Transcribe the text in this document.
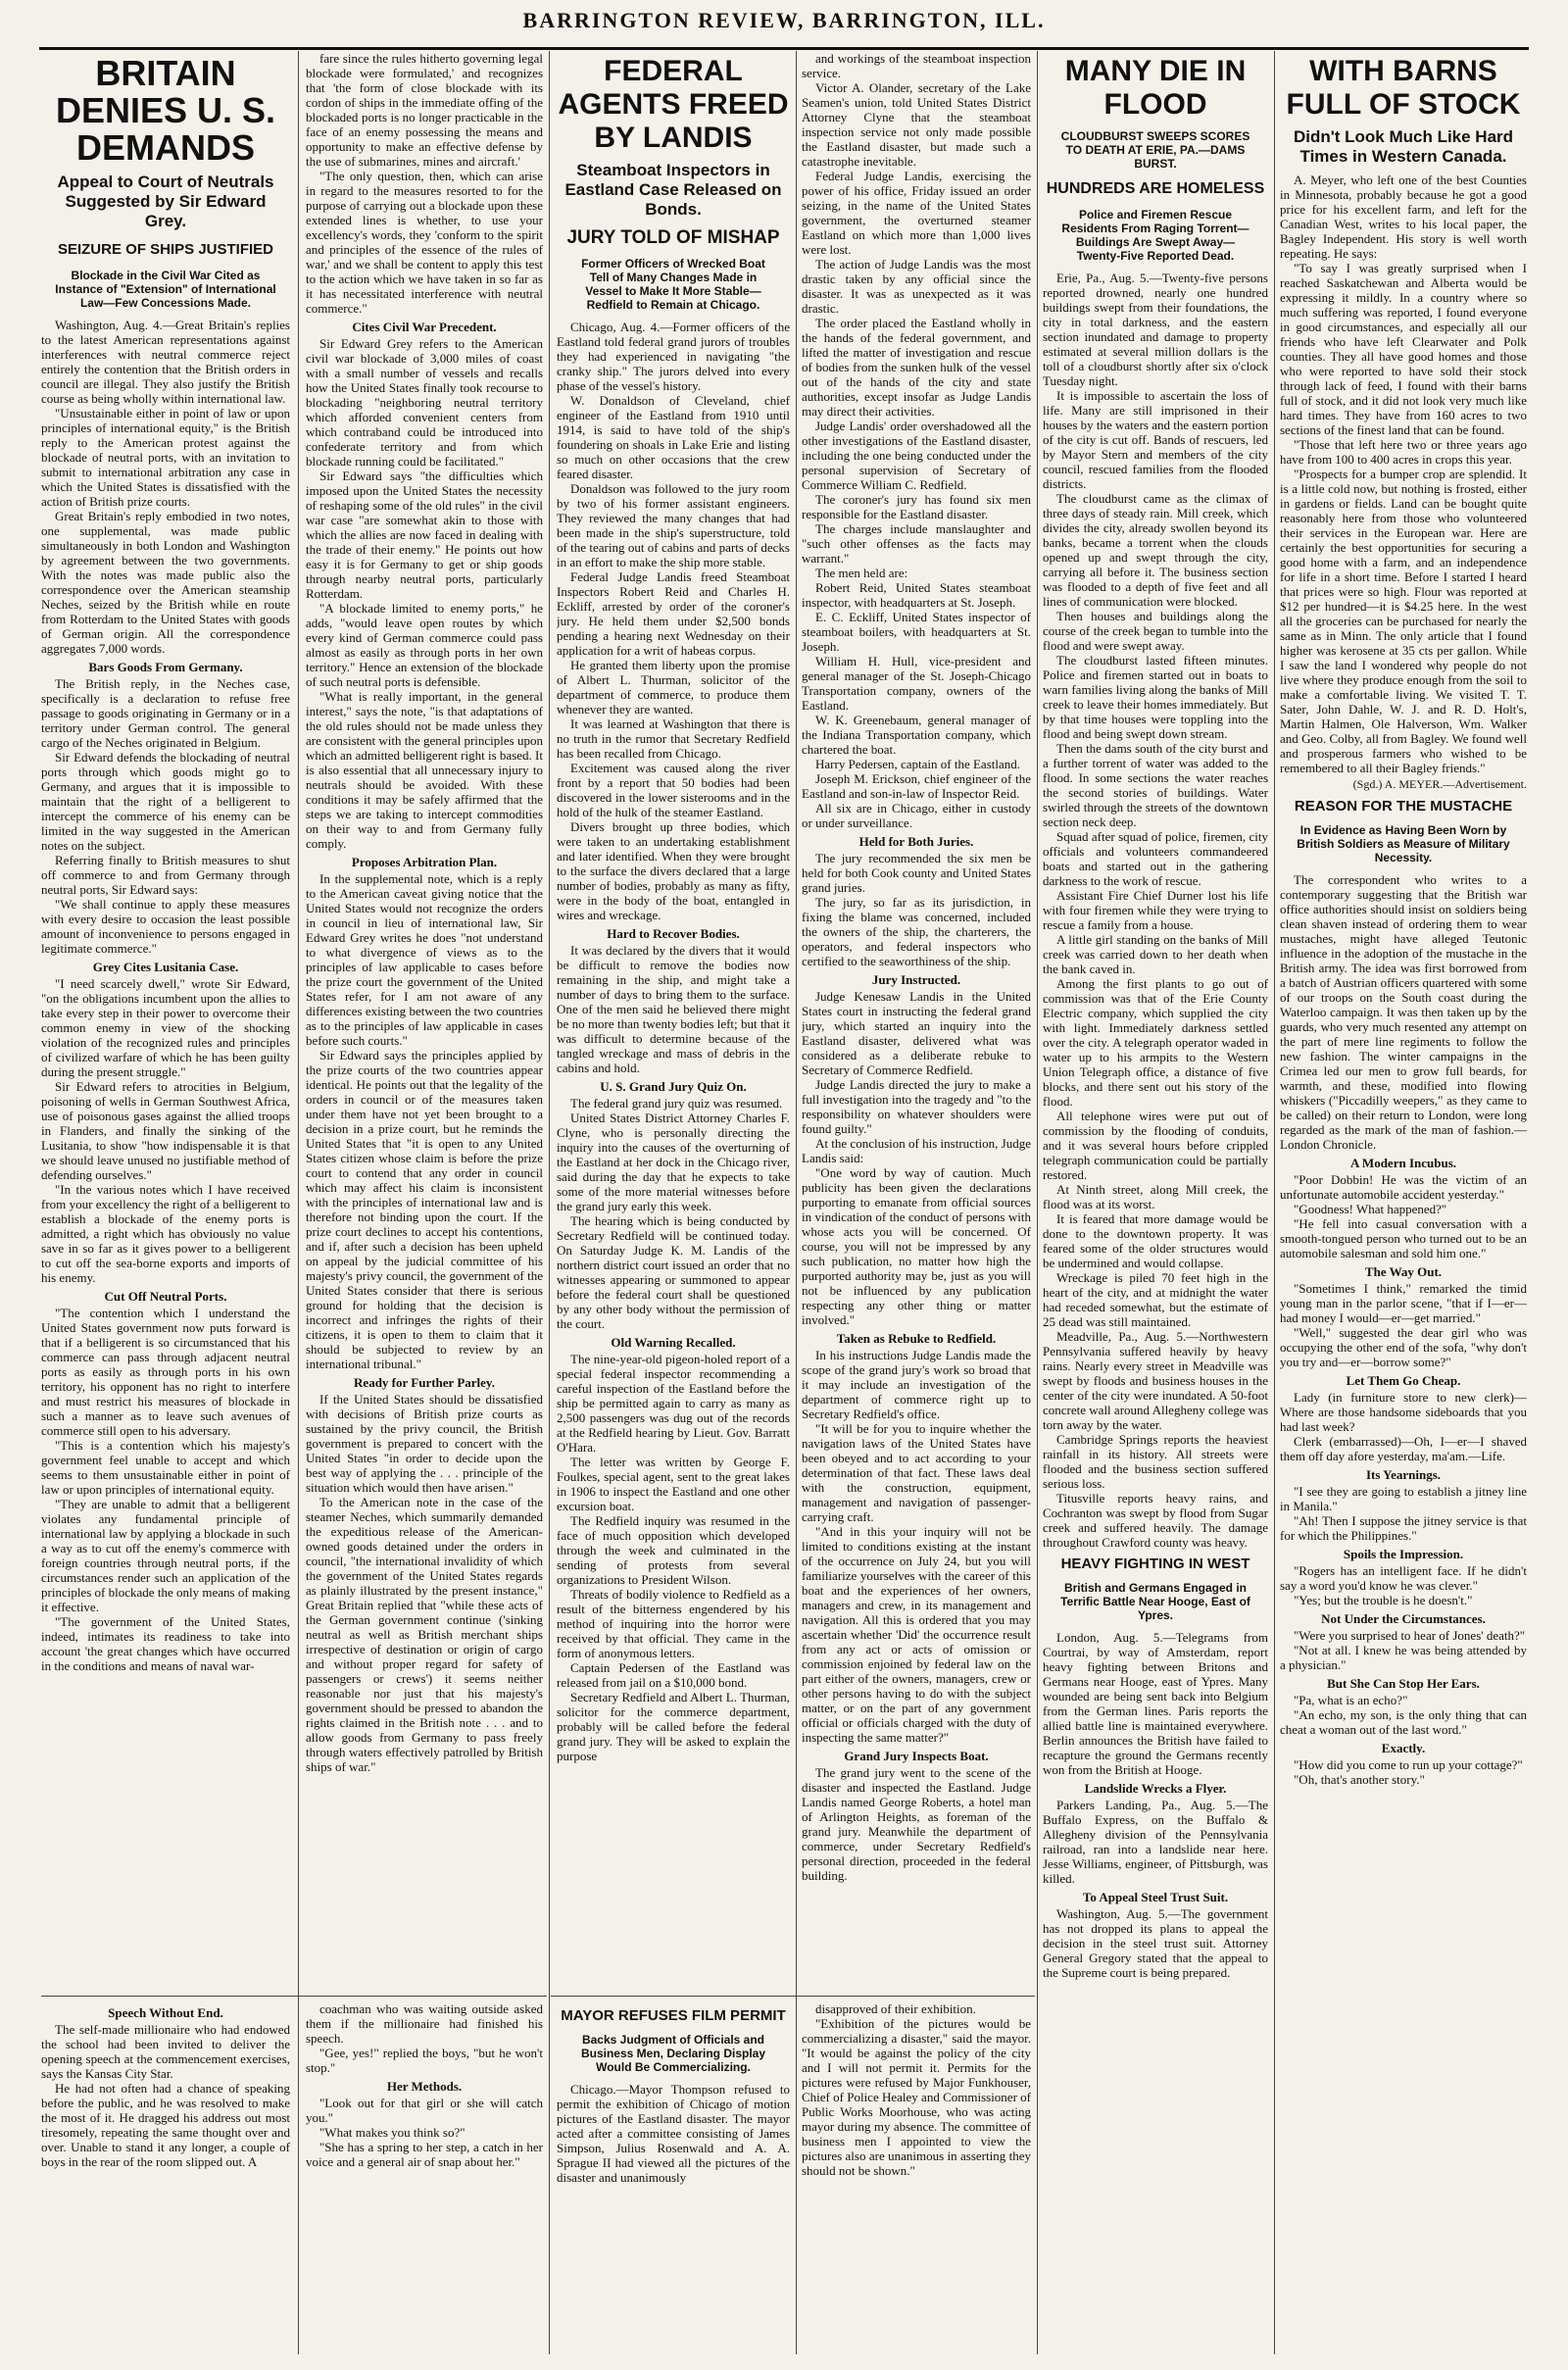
BARRINGTON REVIEW, BARRINGTON, ILL.
BRITAIN DENIES U. S. DEMANDS
Appeal to Court of Neutrals Suggested by Sir Edward Grey.
SEIZURE OF SHIPS JUSTIFIED
Blockade in the Civil War Cited as Instance of "Extension" of International Law—Few Concessions Made.

Washington, Aug. 4.—Great Britain's replies to the latest American representations against interferences with neutral commerce reject entirely the contention that the British orders in council are illegal. They also justify the British course as being wholly within international law.

"Unsustainable either in point of law or upon principles of international equity," is the British reply to the American protest against the blockade of neutral ports, with an invitation to submit to international arbitration any case in which the United States is dissatisfied with the action of British prize courts.

Great Britain's reply embodied in two notes, one supplemental, was made public simultaneously in both London and Washington by agreement between the two governments. With the notes was made public also the correspondence over the American steamship Neches, seized by the British while en route from Rotterdam to the United States with goods of German origin. All the correspondence aggregates 7,000 words.

Bars Goods From Germany.

The British reply, in the Neches case, specifically is a declaration to refuse free passage to goods originating in Germany or in a territory under German control. The general cargo of the Neches originated in Belgium.

Sir Edward defends the blockading of neutral ports through which goods might go to Germany, and argues that it is impossible to maintain that the right of a belligerent to intercept the commerce of his enemy can be limited in the way suggested in the American notes on the subject.

Referring finally to British measures to shut off commerce to and from Germany through neutral ports, Sir Edward says:

"We shall continue to apply these measures with every desire to occasion the least possible amount of inconvenience to persons engaged in legitimate commerce."

Grey Cites Lusitania Case.

"I need scarcely dwell," wrote Sir Edward, "on the obligations incumbent upon the allies to take every step in their power to overcome their common enemy in view of the shocking violation of the recognized rules and principles of civilized warfare of which he has been guilty during the present struggle."

Sir Edward refers to atrocities in Belgium, poisoning of wells in German Southwest Africa, use of poisonous gases against the allied troops in Flanders, and finally the sinking of the Lusitania, to show "how indispensable it is that we should leave unused no justifiable method of defending ourselves."

"In the various notes which I have received from your excellency the right of a belligerent to establish a blockade of the enemy ports is admitted, a right which has obviously no value save in so far as it gives power to a belligerent to cut off the sea-borne exports and imports of his enemy.

Cut Off Neutral Ports.

"The contention which I understand the United States government now puts forward is that if a belligerent is so circumstanced that his commerce can pass through adjacent neutral ports as easily as through ports in his own territory, his opponent has no right to interfere and must restrict his measures of blockade in such a manner as to leave such avenues of commerce still open to his adversary.

"This is a contention which his majesty's government feel unable to accept and which seems to them unsustainable either in point of law or upon principles of international equity.

"They are unable to admit that a belligerent violates any fundamental principle of international law by applying a blockade in such a way as to cut off the enemy's commerce with foreign countries through neutral ports, if the circumstances render such an application of the principles of blockade the only means of making it effective.

"The government of the United States, indeed, intimates its readiness to take into account 'the great changes which have occurred in the conditions and means of naval war-

fare since the rules hitherto governing legal blockade were formulated,' and recognizes that 'the form of close blockade with its cordon of ships in the immediate offing of the blockaded ports is no longer practicable in the face of an enemy possessing the means and opportunity to make an effective defense by the use of submarines, mines and aircraft.'

"The only question, then, which can arise in regard to the measures resorted to for the purpose of carrying out a blockade upon these extended lines is whether, to use your excellency's words, they 'conform to the spirit and principles of the essence of the rules of war,' and we shall be content to apply this test to the action which we have taken in so far as it has necessitated interference with neutral commerce."

Cites Civil War Precedent.

Sir Edward Grey refers to the American civil war blockade of 3,000 miles of coast with a small number of vessels and recalls how the United States finally took recourse to blockading "neighboring neutral territory which afforded convenient centers from which contraband could be introduced into confederate territory and from which blockade running could be facilitated."

Sir Edward says "the difficulties which imposed upon the United States the necessity of reshaping some of the old rules" in the civil war case "are somewhat akin to those with which the allies are now faced in dealing with the trade of their enemy." He points out how easy it is for Germany to get or ship goods through nearby neutral ports, particularly Rotterdam.

"A blockade limited to enemy ports," he adds, "would leave open routes by which every kind of German commerce could pass almost as easily as through ports in her own territory." Hence an extension of the blockade of such neutral ports is defensible.

"What is really important, in the general interest," says the note, "is that adaptations of the old rules should not be made unless they are consistent with the general principles upon which an admitted belligerent right is based. It is also essential that all unnecessary injury to neutrals should be avoided. With these conditions it may be safely affirmed that the steps we are taking to intercept commodities on their way to and from Germany fully comply.

Proposes Arbitration Plan.

In the supplemental note, which is a reply to the American caveat giving notice that the United States would not recognize the orders in council in lieu of international law, Sir Edward Grey writes he does "not understand to what divergence of views as to the principles of law applicable to cases before the prize court the government of the United States refer, for I am not aware of any differences existing between the two countries as to the principles of law applicable in cases before such courts."

Sir Edward says the principles applied by the prize courts of the two countries appear identical. He points out that the legality of the orders in council or of the measures taken under them have not yet been brought to a decision in a prize court, but he reminds the United States that "it is open to any United States citizen whose claim is before the prize court to contend that any order in council which may affect his claim is inconsistent with the principles of international law and is therefore not binding upon the court. If the prize court declines to accept his contentions, and if, after such a decision has been upheld on appeal by the judicial committee of his majesty's privy council, the government of the United States consider that there is serious ground for holding that the decision is incorrect and infringes the rights of their citizens, it is open to them to claim that it should be subjected to review by an international tribunal."

Ready for Further Parley.

If the United States should be dissatisfied with decisions of British prize courts as sustained by the privy council, the British government is prepared to concert with the United States "in order to decide upon the best way of applying the . . . principle of the situation which would then have arisen."

To the American note in the case of the steamer Neches, which summarily demanded the expeditious release of the American-owned goods detained under the orders in council, "the international invalidity of which the government of the United States regards as plainly illustrated by the present instance," Great Britain replied that "while these acts of the German government continue ('sinking neutral as well as British merchant ships irrespective of destination or origin of cargo and without proper regard for safety of passengers or crews') it seems neither reasonable nor just that his majesty's government should be pressed to abandon the rights claimed in the British note . . . and to allow goods from Germany to pass freely through waters effectively patrolled by British ships of war."

FEDERAL AGENTS FREED BY LANDIS
Steamboat Inspectors in Eastland Case Released on Bonds.
JURY TOLD OF MISHAP
Former Officers of Wrecked Boat Tell of Many Changes Made in Vessel to Make It More Stable—Redfield to Remain at Chicago.

Chicago, Aug. 4.—Former officers of the Eastland told federal grand jurors of troubles they had experienced in navigating "the cranky ship." The jurors delved into every phase of the vessel's history.

W. Donaldson of Cleveland, chief engineer of the Eastland from 1910 until 1914, is said to have told of the ship's foundering on shoals in Lake Erie and listing so much on other occasions that the crew feared disaster.

Donaldson was followed to the jury room by two of his former assistant engineers. They reviewed the many changes that had been made in the ship's superstructure, told of the tearing out of cabins and parts of decks in an effort to make the ship more stable.

Federal Judge Landis freed Steamboat Inspectors Robert Reid and Charles H. Eckliff, arrested by order of the coroner's jury. He held them under $2,500 bonds pending a hearing next Wednesday on their application for a writ of habeas corpus.

He granted them liberty upon the promise of Albert L. Thurman, solicitor of the department of commerce, to produce them whenever they are wanted.

It was learned at Washington that there is no truth in the rumor that Secretary Redfield has been recalled from Chicago.

Excitement was caused along the river front by a report that 50 bodies had been discovered in the lower sisterooms and in the hold of the hulk of the steamer Eastland.

Divers brought up three bodies, which were taken to an undertaking establishment and later identified. When they were brought to the surface the divers declared that a large number of bodies, probably as many as fifty, were in the body of the boat, entangled in wires and wreckage.

Hard to Recover Bodies.

It was declared by the divers that it would be difficult to remove the bodies now remaining in the ship, and might take a number of days to bring them to the surface. One of the men said he believed there might be no more than twenty bodies left; but that it was difficult to determine because of the tangled wreckage and mass of debris in the cabins and hold.

U. S. Grand Jury Quiz On.

The federal grand jury quiz was resumed.

United States District Attorney Charles F. Clyne, who is personally directing the inquiry into the causes of the overturning of the Eastland at her dock in the Chicago river, said during the day that he expects to take some of the more material witnesses before the grand jury early this week.

The hearing which is being conducted by Secretary Redfield will be continued today. On Saturday Judge K. M. Landis of the northern district court issued an order that no witnesses appearing or summoned to appear before the federal court shall be questioned by any other body without the permission of the court.

Old Warning Recalled.

The nine-year-old pigeon-holed report of a special federal inspector recommending a careful inspection of the Eastland before the ship be permitted again to carry as many as 2,500 passengers was dug out of the records at the Redfield hearing by Lieut. Gov. Barratt O'Hara.

The letter was written by George F. Foulkes, special agent, sent to the great lakes in 1906 to inspect the Eastland and one other excursion boat.

The Redfield inquiry was resumed in the face of much opposition which developed through the week and culminated in the sending of protests from several organizations to President Wilson.

Threats of bodily violence to Redfield as a result of the bitterness engendered by his method of inquiring into the horror were received by that official. They came in the form of anonymous letters.

Captain Pedersen of the Eastland was released from jail on a $10,000 bond.

Secretary Redfield and Albert L. Thurman, solicitor for the commerce department, probably will be called before the federal grand jury. They will be asked to explain the purpose

and workings of the steamboat inspection service.

Victor A. Olander, secretary of the Lake Seamen's union, told United States District Attorney Clyne that the steamboat inspection service not only made possible the Eastland disaster, but made such a catastrophe inevitable.

Federal Judge Landis, exercising the power of his office, Friday issued an order seizing, in the name of the United States government, the overturned steamer Eastland on which more than 1,000 lives were lost.

The action of Judge Landis was the most drastic taken by any official since the disaster. It was as unexpected as it was drastic.

The order placed the Eastland wholly in the hands of the federal government, and lifted the matter of investigation and rescue of bodies from the sunken hulk of the vessel out of the hands of the city and state authorities, except insofar as Judge Landis may direct their activities.

Judge Landis' order overshadowed all the other investigations of the Eastland disaster, including the one being conducted under the personal supervision of Secretary of Commerce William C. Redfield.

The coroner's jury has found six men responsible for the Eastland disaster.

The charges include manslaughter and "such other offenses as the facts may warrant."

The men held are:

Robert Reid, United States steamboat inspector, with headquarters at St. Joseph.

E. C. Eckliff, United States inspector of steamboat boilers, with headquarters at St. Joseph.

William H. Hull, vice-president and general manager of the St. Joseph-Chicago Transportation company, owners of the Eastland.

W. K. Greenebaum, general manager of the Indiana Transportation company, which chartered the boat.

Harry Pedersen, captain of the Eastland.

Joseph M. Erickson, chief engineer of the Eastland and son-in-law of Inspector Reid.

All six are in Chicago, either in custody or under surveillance.

Held for Both Juries.

The jury recommended the six men be held for both Cook county and United States grand juries.

The jury, so far as its jurisdiction, in fixing the blame was concerned, included the owners of the ship, the charterers, the operators, and federal inspectors who certified to the seaworthiness of the ship.

Jury Instructed.

Judge Kenesaw Landis in the United States court in instructing the federal grand jury, which started an inquiry into the Eastland disaster, delivered what was considered as a deliberate rebuke to Secretary of Commerce Redfield.

Judge Landis directed the jury to make a full investigation into the tragedy and "to the responsibility on whatever shoulders were found guilty."

At the conclusion of his instruction, Judge Landis said:

"One word by way of caution. Much publicity has been given the declarations purporting to emanate from official sources in vindication of the conduct of persons with whose acts you will be concerned. Of course, you will not be impressed by any such publication, no matter how high the purported authority may be, just as you will not be influenced by any publication respecting any other thing or matter involved."

Taken as Rebuke to Redfield.

In his instructions Judge Landis made the scope of the grand jury's work so broad that it may include an investigation of the department of commerce right up to Secretary Redfield's office.

"It will be for you to inquire whether the navigation laws of the United States have been obeyed and to act according to your determination of that fact. These laws deal with the construction, equipment, management and navigation of passenger-carrying craft.

"And in this your inquiry will not be limited to conditions existing at the instant of the occurrence on July 24, but you will familiarize yourselves with the career of this boat and the experiences of her owners, managers and crew, in its management and navigation. All this is ordered that you may ascertain whether 'Did' the occurrence result from any act or acts of omission or commission enjoined by federal law on the part either of the owners, managers, crew or other persons having to do with the subject matter, or on the part of any government official or officials charged with the duty of inspecting the same matter?"

Grand Jury Inspects Boat.

The grand jury went to the scene of the disaster and inspected the Eastland. Judge Landis named George Roberts, a hotel man of Arlington Heights, as foreman of the grand jury. Meanwhile the department of commerce, under Secretary Redfield's personal direction, proceeded in the federal building.

MANY DIE IN FLOOD
CLOUDBURST SWEEPS SCORES TO DEATH AT ERIE, PA.—DAMS BURST.
HUNDREDS ARE HOMELESS
Police and Firemen Rescue Residents From Raging Torrent—Buildings Are Swept Away—Twenty-Five Reported Dead.

Erie, Pa., Aug. 5.—Twenty-five persons reported drowned, nearly one hundred buildings swept from their foundations, the city in total darkness, and the eastern section inundated and damage to property estimated at several million dollars is the toll of a cloudburst shortly after six o'clock Tuesday night.

It is impossible to ascertain the loss of life. Many are still imprisoned in their houses by the waters and the eastern portion of the city is cut off. Bands of rescuers, led by Mayor Stern and members of the city council, rescued families from the flooded districts.

The cloudburst came as the climax of three days of steady rain. Mill creek, which divides the city, already swollen beyond its banks, became a torrent when the clouds opened up and swept through the city, carrying all before it. The business section was flooded to a depth of five feet and all lines of communication were blocked.

Then houses and buildings along the course of the creek began to tumble into the flood and were swept away.

The cloudburst lasted fifteen minutes. Police and firemen started out in boats to warn families living along the banks of Mill creek to leave their homes immediately. But by that time houses were toppling into the flood and being swept down stream.

Then the dams south of the city burst and a further torrent of water was added to the flood. In some sections the water reaches the second stories of buildings. Water swirled through the streets of the downtown section neck deep.

Squad after squad of police, firemen, city officials and volunteers commandeered boats and started out in the gathering darkness to the work of rescue.

Assistant Fire Chief Durner lost his life with four firemen while they were trying to rescue a family from a house.

A little girl standing on the banks of Mill creek was carried down to her death when the bank caved in.

Among the first plants to go out of commission was that of the Erie County Electric company, which supplied the city with light. Immediately darkness settled over the city. A telegraph operator waded in water up to his armpits to the Western Union Telegraph office, a distance of five blocks, and there sent out his story of the flood.

All telephone wires were put out of commission by the flooding of conduits, and it was several hours before crippled telegraph communication could be partially restored.

At Ninth street, along Mill creek, the flood was at its worst.

It is feared that more damage would be done to the downtown property. It was feared some of the older structures would be undermined and would collapse.

Wreckage is piled 70 feet high in the heart of the city, and at midnight the water had receded somewhat, but the estimate of 25 dead was still maintained.

Meadville, Pa., Aug. 5.—Northwestern Pennsylvania suffered heavily by heavy rains. Nearly every street in Meadville was swept by floods and business houses in the center of the city were inundated. A 50-foot concrete wall around Allegheny college was torn away by the water.

Cambridge Springs reports the heaviest rainfall in its history. All streets were flooded and the business section suffered serious loss.

Titusville reports heavy rains, and Cochranton was swept by flood from Sugar creek and suffered heavily. The damage throughout Crawford county was heavy.

HEAVY FIGHTING IN WEST
British and Germans Engaged in Terrific Battle Near Hooge, East of Ypres.

London, Aug. 5.—Telegrams from Courtrai, by way of Amsterdam, report heavy fighting between Britons and Germans near Hooge, east of Ypres. Many wounded are being sent back into Belgium from the German lines. Paris reports the allied battle line is maintained everywhere. Berlin announces the British have failed to recapture the ground the Germans recently won from the British at Hooge.

Landslide Wrecks a Flyer.

Parkers Landing, Pa., Aug. 5.—The Buffalo Express, on the Buffalo & Allegheny division of the Pennsylvania railroad, ran into a landslide near here. Jesse Williams, engineer, of Pittsburgh, was killed.

To Appeal Steel Trust Suit.

Washington, Aug. 5.—The government has not dropped its plans to appeal the decision in the steel trust suit. Attorney General Gregory stated that the appeal to the Supreme court is being prepared.

WITH BARNS FULL OF STOCK
Didn't Look Much Like Hard Times in Western Canada.

A. Meyer, who left one of the best Counties in Minnesota, probably because he got a good price for his excellent farm, and left for the Canadian West, writes to his local paper, the Bagley Independent. His story is well worth repeating. He says:

"To say I was greatly surprised when I reached Saskatchewan and Alberta would be expressing it mildly. In a country where so much suffering was reported, I found everyone in good circumstances, and especially all our friends who have left Clearwater and Polk counties. They all have good homes and those who were reported to have sold their stock through lack of feed, I found with their barns full of stock, and it did not look very much like hard times. They have from 160 acres to two sections of the finest land that can be found.

"Those that left here two or three years ago have from 100 to 400 acres in crops this year.

"Prospects for a bumper crop are splendid. It is a little cold now, but nothing is frosted, either in gardens or fields. Land can be bought quite reasonably here from those who volunteered their services in the European war. Here are certainly the best opportunities for securing a good home with a farm, and an independence for life in a short time. Before I started I heard that prices were so high. Flour was reported at $12 per hundred—it is $4.25 here. In the west all the groceries can be purchased for nearly the same as in Minn. The only article that I found higher was kerosene at 35 cts per gallon. While I saw the land I wondered why people do not live where they produce enough from the soil to make a comfortable living. We visited T. T. Sater, John Dahle, W. J. and R. D. Holt's, Martin Halmen, Ole Halverson, Wm. Walker and Geo. Colby, all from Bagley. We found well and prosperous farmers who wished to be remembered to all their Bagley friends."

(Sgd.) A. MEYER.—Advertisement.
REASON FOR THE MUSTACHE
In Evidence as Having Been Worn by British Soldiers as Measure of Military Necessity.

The correspondent who writes to a contemporary suggesting that the British war office authorities should insist on soldiers being clean shaven instead of ordering them to wear mustaches, might have alleged Teutonic influence in the adoption of the mustache in the British army. The idea was first borrowed from a batch of Austrian officers quartered with some of our troops on the South coast during the Waterloo campaign. It was then taken up by the guards, who very much resented any attempt on the part of mere line regiments to follow the new fashion. The winter campaigns in the Crimea led our men to grow full beards, for warmth, and these, modified into flowing whiskers ("Piccadilly weepers," as they came to be called) on their return to London, were long regarded as the mark of the man of fashion.—London Chronicle.

A Modern Incubus.

"Poor Dobbin! He was the victim of an unfortunate automobile accident yesterday."

"Goodness! What happened?"

"He fell into casual conversation with a smooth-tongued person who turned out to be an automobile salesman and sold him one."

The Way Out.

"Sometimes I think," remarked the timid young man in the parlor scene, "that if I—er—had money I would—er—get married."

"Well," suggested the dear girl who was occupying the other end of the sofa, "why don't you try and—er—borrow some?"

Let Them Go Cheap.

Lady (in furniture store to new clerk)—Where are those handsome sideboards that you had last week?

Clerk (embarrassed)—Oh, I—er—I shaved them off day afore yesterday, ma'am.—Life.

Its Yearnings.

"I see they are going to establish a jitney line in Manila."

"Ah! Then I suppose the jitney service is that for which the Philippines."

Spoils the Impression.

"Rogers has an intelligent face. If he didn't say a word you'd know he was clever."

"Yes; but the trouble is he doesn't."

Not Under the Circumstances.

"Were you surprised to hear of Jones' death?"

"Not at all. I knew he was being attended by a physician."

But She Can Stop Her Ears.

"Pa, what is an echo?"

"An echo, my son, is the only thing that can cheat a woman out of the last word."

Exactly.

"How did you come to run up your cottage?"

"Oh, that's another story."

Speech Without End.

The self-made millionaire who had endowed the school had been invited to deliver the opening speech at the commencement exercises, says the Kansas City Star.

He had not often had a chance of speaking before the public, and he was resolved to make the most of it. He dragged his address out most tiresomely, repeating the same thought over and over. Unable to stand it any longer, a couple of boys in the rear of the room slipped out. A

coachman who was waiting outside asked them if the millionaire had finished his speech.

"Gee, yes!" replied the boys, "but he won't stop."

Her Methods.

"Look out for that girl or she will catch you."

"What makes you think so?"

"She has a spring to her step, a catch in her voice and a general air of snap about her."

MAYOR REFUSES FILM PERMIT
Backs Judgment of Officials and Business Men, Declaring Display Would Be Commercializing.

Chicago.—Mayor Thompson refused to permit the exhibition of Chicago of motion pictures of the Eastland disaster. The mayor acted after a committee consisting of James Simpson, Julius Rosenwald and A. A. Sprague II had viewed all the pictures of the disaster and unanimously

disapproved of their exhibition.

"Exhibition of the pictures would be commercializing a disaster," said the mayor. "It would be against the policy of the city and I will not permit it. Permits for the pictures were refused by Major Funkhouser, Chief of Police Healey and Commissioner of Public Works Moorhouse, who was acting mayor during my absence. The committee of business men I appointed to view the pictures also are unanimous in asserting they should not be shown."
